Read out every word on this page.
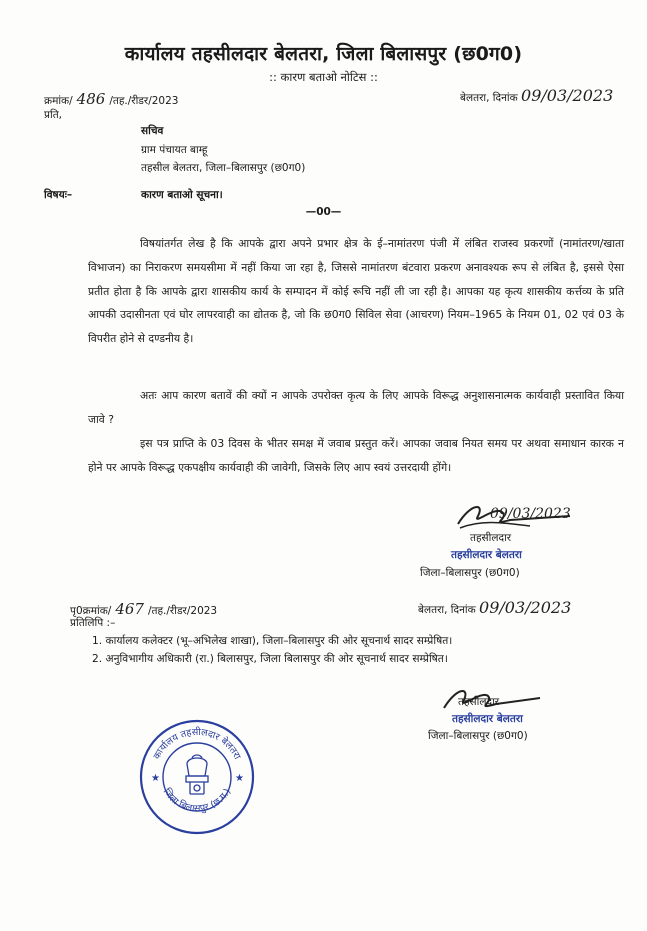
कार्यालय तहसीलदार बेलतरा, जिला बिलासपुर (छ0ग0)
:: कारण बताओ नोटिस ::
क्रमांक/ 486 /तह./रीडर/2023	बेलतरा, दिनांक 09/03/2023
प्रति,
सचिव
ग्राम पंचायत बाम्हू
तहसील बेलतरा, जिला–बिलासपुर (छ0ग0)
विषयः–	कारण बताओ सूचना।
—00—
विषयांतर्गत लेख है कि आपके द्वारा अपने प्रभार क्षेत्र के ई–नामांतरण पंजी में लंबित राजस्व प्रकरणों (नामांतरण/खाता विभाजन) का निराकरण समयसीमा में नहीं किया जा रहा है, जिससे नामांतरण बंटवारा प्रकरण अनावश्यक रूप से लंबित है, इससे ऐसा प्रतीत होता है कि आपके द्वारा शासकीय कार्य के सम्पादन में कोई रूचि नहीं ली जा रही है। आपका यह कृत्य शासकीय कर्त्तव्य के प्रति आपकी उदासीनता एवं घोर लापरवाही का द्योतक है, जो कि छ0ग0 सिविल सेवा (आचरण) नियम–1965 के नियम 01, 02 एवं 03 के विपरीत होने से दण्डनीय है।
अतः आप कारण बतावें की क्यों न आपके उपरोक्त कृत्य के लिए आपके विरूद्ध अनुशासनात्मक कार्यवाही प्रस्तावित किया जावे ?
इस पत्र प्राप्ति के 03 दिवस के भीतर समक्ष में जवाब प्रस्तुत करें। आपका जवाब नियत समय पर अथवा समाधान कारक न होने पर आपके विरूद्ध एकपक्षीय कार्यवाही की जावेगी, जिसके लिए आप स्वयं उत्तरदायी होंगे।
09/03/2023
तहसीलदार
तहसीलदार बेलतरा
जिला–बिलासपुर (छ0ग0)
पृ0क्रमांक/ 467 /तह./रीडर/2023	बेलतरा, दिनांक 09/03/2023
प्रतिलिपि :–
1. कार्यालय कलेक्टर (भू–अभिलेख शाखा), जिला–बिलासपुर की ओर सूचनार्थ सादर सम्प्रेषित।
2. अनुविभागीय अधिकारी (रा.) बिलासपुर, जिला बिलासपुर की ओर सूचनार्थ सादर सम्प्रेषित।
तहसीलदार
तहसीलदार बेलतरा
जिला–बिलासपुर (छ0ग0)
कार्यालय तहसीलदार बेलतरा
जिला बिलासपुर (छ.ग.)
★	★
